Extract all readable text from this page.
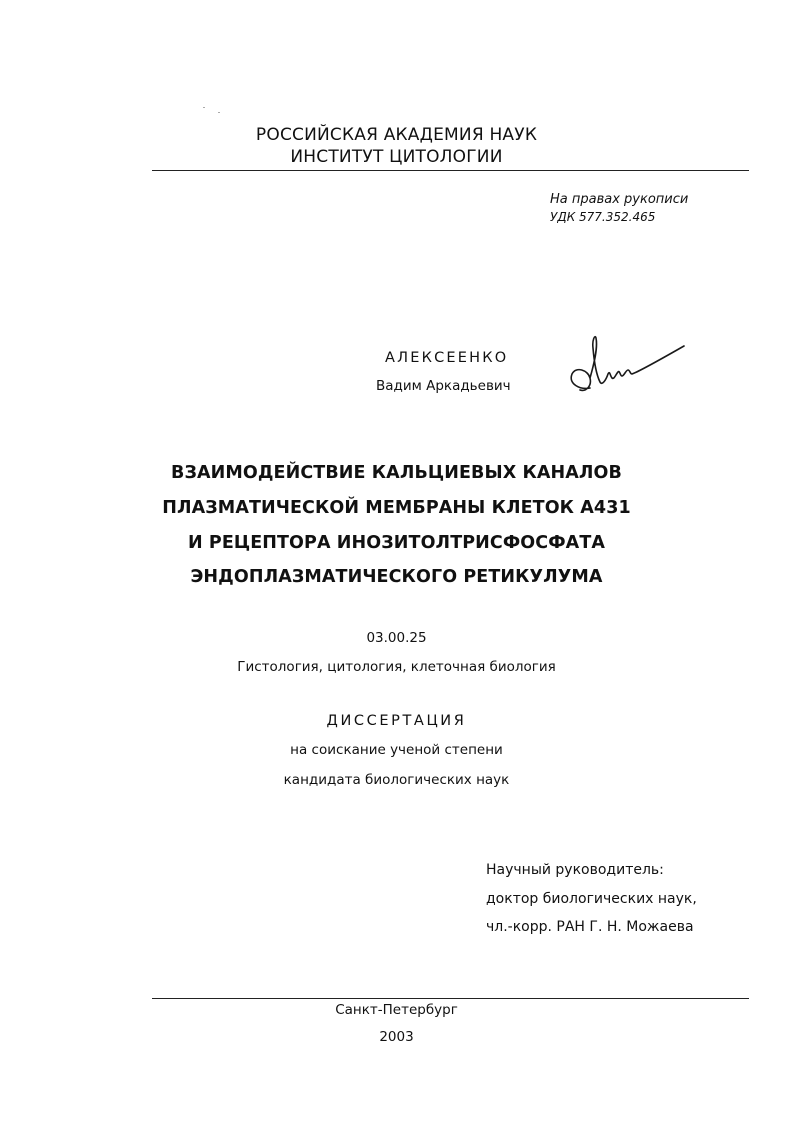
РОССИЙСКАЯ АКАДЕМИЯ НАУК
ИНСТИТУТ ЦИТОЛОГИИ
На правах рукописи
УДК 577.352.465
АЛЕКСЕЕНКО
Вадим Аркадьевич
ВЗАИМОДЕЙСТВИЕ КАЛЬЦИЕВЫХ КАНАЛОВ
ПЛАЗМАТИЧЕСКОЙ МЕМБРАНЫ КЛЕТОК А431
И РЕЦЕПТОРА ИНОЗИТОЛТРИСФОСФАТА
ЭНДОПЛАЗМАТИЧЕСКОГО РЕТИКУЛУМА
03.00.25
Гистология, цитология, клеточная биология
ДИССЕРТАЦИЯ
на соискание ученой степени
кандидата биологических наук
Научный руководитель:
доктор биологических наук,
чл.-корр. РАН Г. Н. Можаева
Санкт-Петербург
2003
